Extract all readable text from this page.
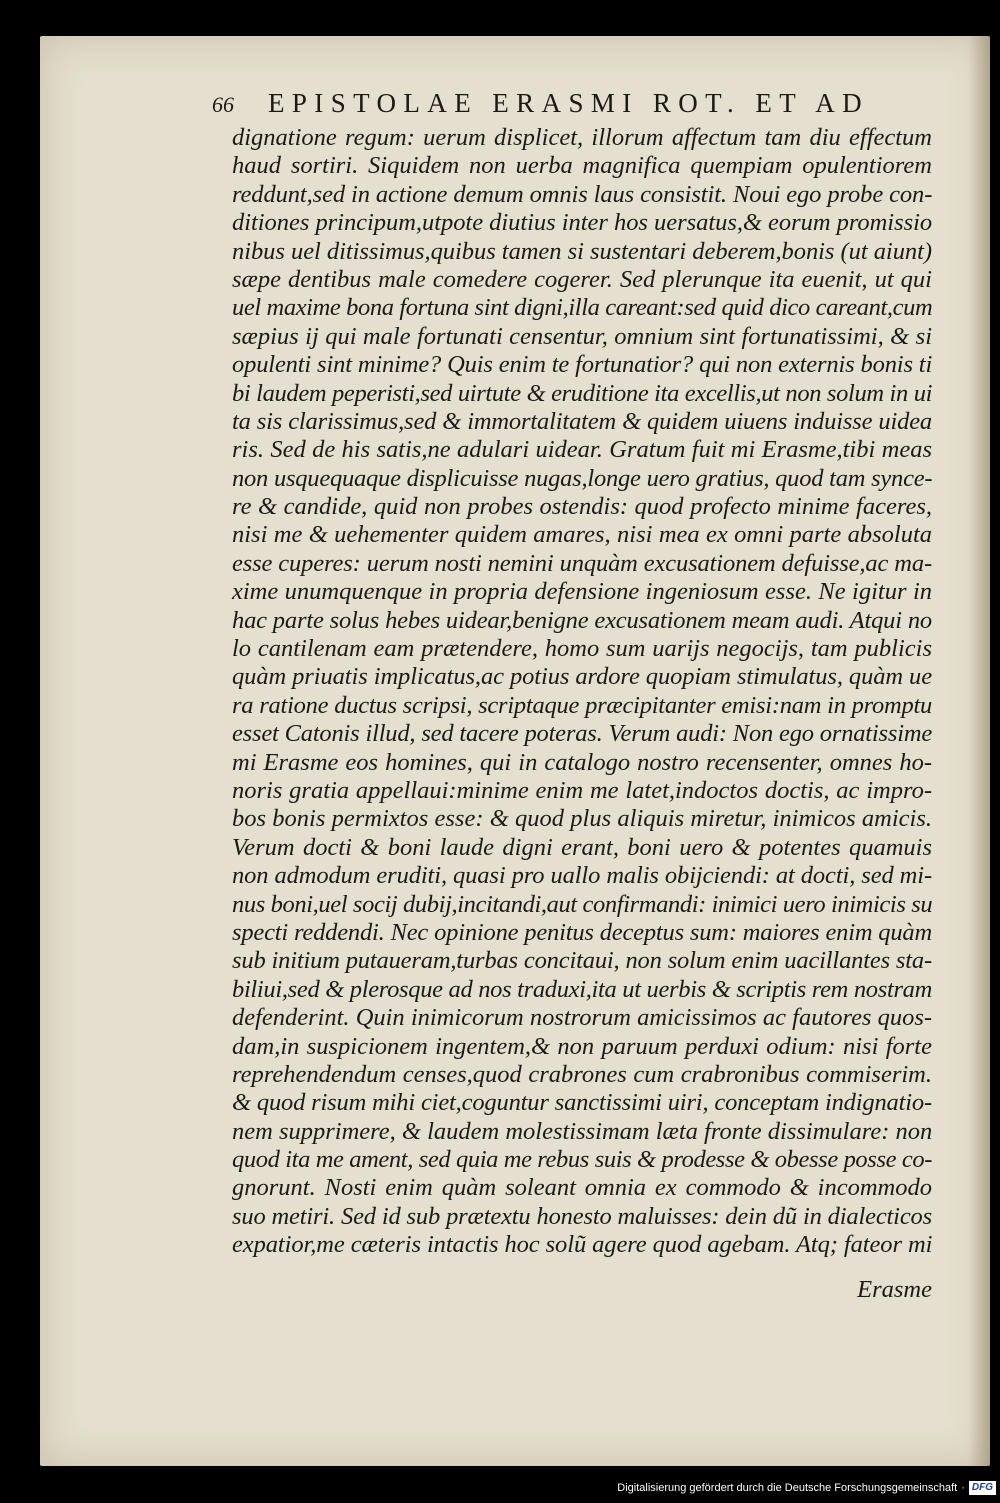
66 EPISTOLAE ERASMI ROT. ET AD
dignatione regum: uerum displicet, illorum affectum tam diu effectum
haud sortiri. Siquidem non uerba magnifica quempiam opulentiorem
reddunt,sed in actione demum omnis laus consistit. Noui ego probe con-
ditiones principum,utpote diutius inter hos uersatus,& eorum promissio
nibus uel ditissimus,quibus tamen si sustentari deberem,bonis (ut aiunt)
sæpe dentibus male comedere cogerer. Sed plerunque ita euenit, ut qui
uel maxime bona fortuna sint digni,illa careant:sed quid dico careant,cum
sæpius ij qui male fortunati censentur, omnium sint fortunatissimi, & si
opulenti sint minime? Quis enim te fortunatior? qui non externis bonis ti
bi laudem peperisti,sed uirtute & eruditione ita excellis,ut non solum in ui
ta sis clarissimus,sed & immortalitatem & quidem uiuens induisse uidea
ris. Sed de his satis,ne adulari uidear. Gratum fuit mi Erasme,tibi meas
non usquequaque displicuisse nugas,longe uero gratius, quod tam synce-
re & candide, quid non probes ostendis: quod profecto minime faceres,
nisi me & uehementer quidem amares, nisi mea ex omni parte absoluta
esse cuperes: uerum nosti nemini unquàm excusationem defuisse,ac ma-
xime unumquenque in propria defensione ingeniosum esse. Ne igitur in
hac parte solus hebes uidear,benigne excusationem meam audi. Atqui no
lo cantilenam eam prætendere, homo sum uarijs negocijs, tam publicis
quàm priuatis implicatus,ac potius ardore quopiam stimulatus, quàm ue
ra ratione ductus scripsi, scriptaque præcipitanter emisi:nam in promptu
esset Catonis illud, sed tacere poteras. Verum audi: Non ego ornatissime
mi Erasme eos homines, qui in catalogo nostro recensenter, omnes ho-
noris gratia appellaui:minime enim me latet,indoctos doctis, ac impro-
bos bonis permixtos esse: & quod plus aliquis miretur, inimicos amicis.
Verum docti & boni laude digni erant, boni uero & potentes quamuis
non admodum eruditi, quasi pro uallo malis obijciendi: at docti, sed mi-
nus boni,uel socij dubij,incitandi,aut confirmandi: inimici uero inimicis su
specti reddendi. Nec opinione penitus deceptus sum: maiores enim quàm
sub initium putaueram,turbas concitaui, non solum enim uacillantes sta-
biliui,sed & plerosque ad nos traduxi,ita ut uerbis & scriptis rem nostram
defenderint. Quin inimicorum nostrorum amicissimos ac fautores quos-
dam,in suspicionem ingentem,& non paruum perduxi odium: nisi forte
reprehendendum censes,quod crabrones cum crabronibus commiserim.
& quod risum mihi ciet,coguntur sanctissimi uiri, conceptam indignatio-
nem supprimere, & laudem molestissimam læta fronte dissimulare: non
quod ita me ament, sed quia me rebus suis & prodesse & obesse posse co-
gnorunt. Nosti enim quàm soleant omnia ex commodo & incommodo
suo metiri. Sed id sub prætextu honesto maluisses: dein dũ in dialecticos
expatior,me cæteris intactis hoc solũ agere quod agebam. Atq; fateor mi
Erasme
Digitalisierung gefördert durch die Deutsche Forschungsgemeinschaft · DFG
